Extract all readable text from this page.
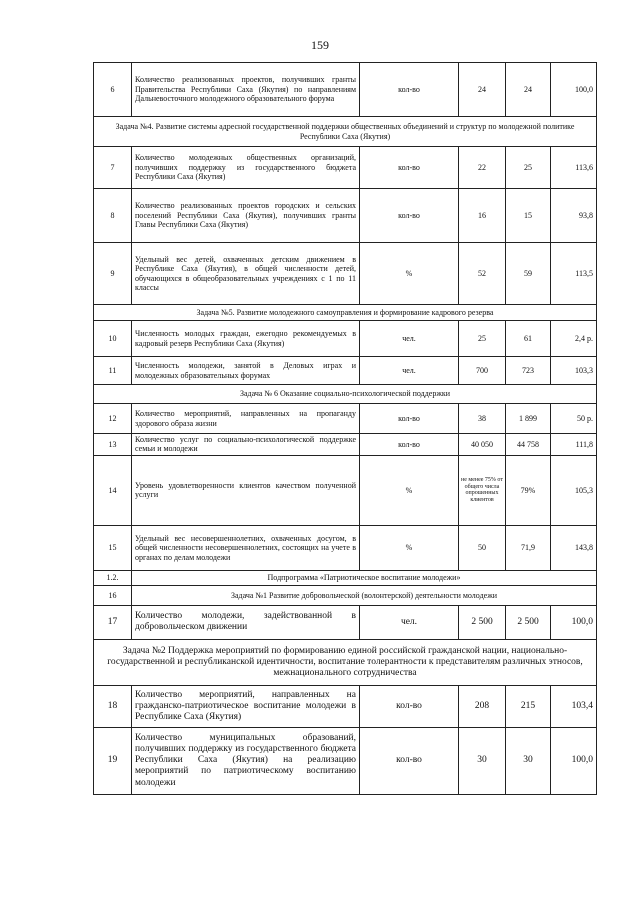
159
6	Количество реализованных проектов, получивших гранты Правительства Республики Саха (Якутия) по направлениям Дальневосточного молодежного образовательного форума	кол-во	24	24	100,0
Задача №4. Развитие системы адресной государственной поддержки общественных объединений и структур по молодежной политике Республики Саха (Якутия)					
7	Количество молодежных общественных организаций, получивших поддержку из государственного бюджета Республики Саха (Якутия)	кол-во	22	25	113,6
8	Количество реализованных проектов городских и сельских поселений Республики Саха (Якутия), получивших гранты Главы Республики Саха (Якутия)	кол-во	16	15	93,8
9	Удельный вес детей, охваченных детским движением в Республике Саха (Якутия), в общей численности детей, обучающихся в общеобразовательных учреждениях с 1 по 11 классы	%	52	59	113,5
Задача №5. Развитие молодежного самоуправления и формирование кадрового резерва					
10	Численность молодых граждан, ежегодно рекомендуемых в кадровый резерв Республики Саха (Якутия)	чел.	25	61	2,4 р.
11	Численность молодежи, занятой в Деловых играх и молодежных образовательных форумах	чел.	700	723	103,3
Задача № 6 Оказание социально-психологической поддержки					
12	Количество мероприятий, направленных на пропаганду здорового образа жизни	кол-во	38	1 899	50 р.
13	Количество услуг по социально-психологической поддержке семьи и молодежи	кол-во	40 050	44 758	111,8
14	Уровень удовлетворенности клиентов качеством полученной услуги	%	не менее 75% от общего числа опрошенных клиентов	79%	105,3
15	Удельный вес несовершеннолетних, охваченных досугом, в общей численности несовершеннолетних, состоящих на учете в органах по делам молодежи	%	50	71,9	143,8
1.2.	Подпрограмма «Патриотическое воспитание молодежи»				
16	Задача №1 Развитие добровольческой (волонтерской) деятельности молодежи				
17	Количество молодежи, задействованной в добровольческом движении	чел.	2 500	2 500	100,0
Задача №2 Поддержка мероприятий по формированию единой российской гражданской нации, национально-государственной и республиканской идентичности, воспитание толерантности к представителям различных этносов, межнационального сотрудничества					
18	Количество мероприятий, направленных на гражданско-патриотическое воспитание молодежи в Республике Саха (Якутия)	кол-во	208	215	103,4
19	Количество муниципальных образований, получивших поддержку из государственного бюджета Республики Саха (Якутия) на реализацию мероприятий по патриотическому воспитанию молодежи	кол-во	30	30	100,0
